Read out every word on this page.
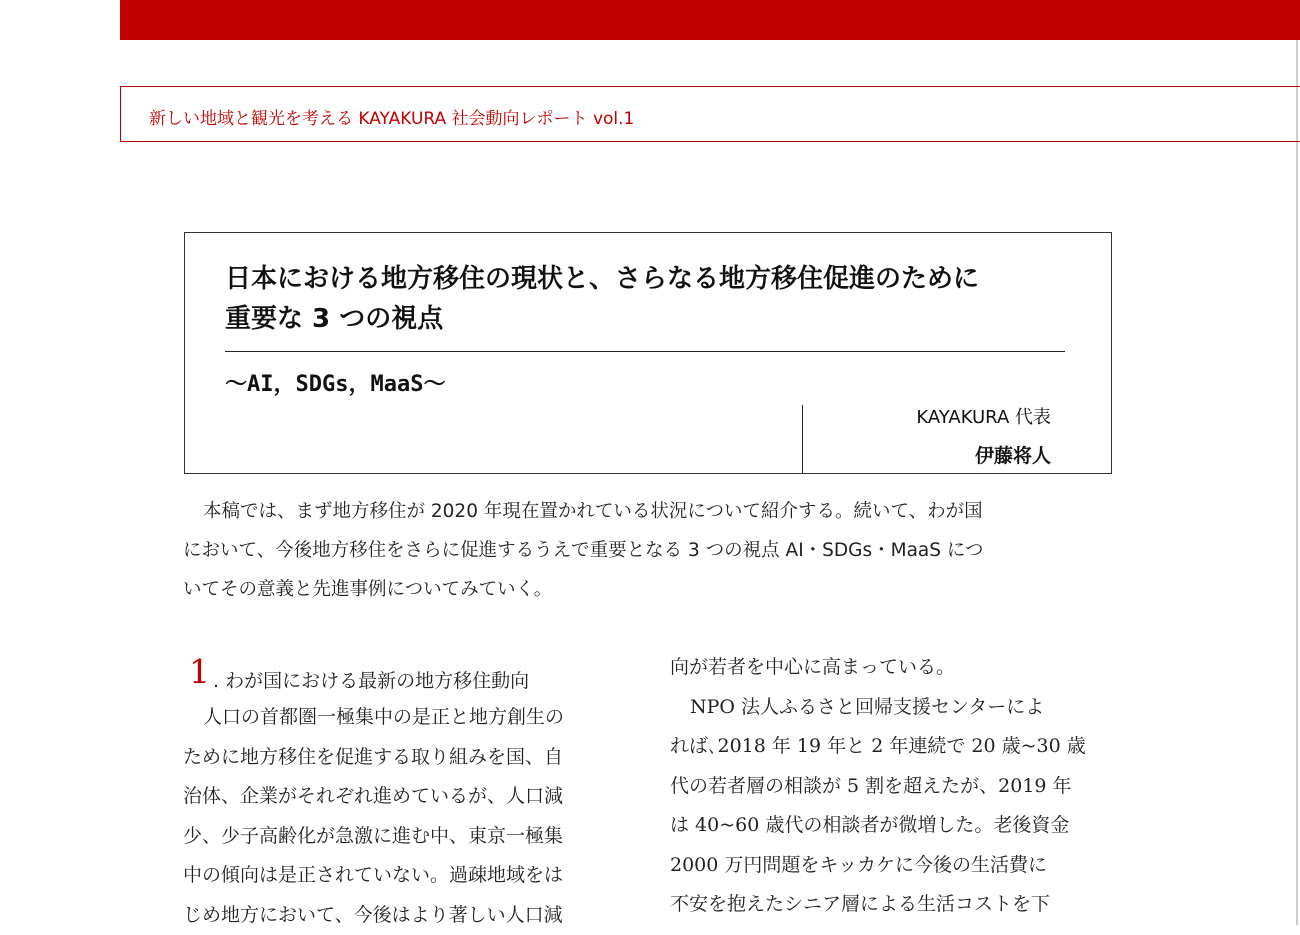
新しい地域と観光を考える KAYAKURA 社会動向レポート vol.1
日本における地方移住の現状と、さらなる地方移住促進のために
重要な 3 つの視点
〜AI，SDGs，MaaS〜
KAYAKURA 代表
伊藤将人
本稿では、まず地方移住が 2020 年現在置かれている状況について紹介する。続いて、わが国
において、今後地方移住をさらに促進するうえで重要となる 3 つの視点 AI・SDGs・MaaS につ
いてその意義と先進事例についてみていく。
1 . わが国における最新の地方移住動向
人口の首都圏一極集中の是正と地方創生の
ために地方移住を促進する取り組みを国、自
治体、企業がそれぞれ進めているが、人口減
少、少子高齢化が急激に進む中、東京一極集
中の傾向は是正されていない。過疎地域をは
じめ地方において、今後はより著しい人口減
向が若者を中心に高まっている。
NPO 法人ふるさと回帰支援センターによ
れば､2018 年 19 年と 2 年連続で 20 歳~30 歳
代の若者層の相談が 5 割を超えたが、2019 年
は 40~60 歳代の相談者が微増した。老後資金
2000 万円問題をキッカケに今後の生活費に
不安を抱えたシニア層による生活コストを下
